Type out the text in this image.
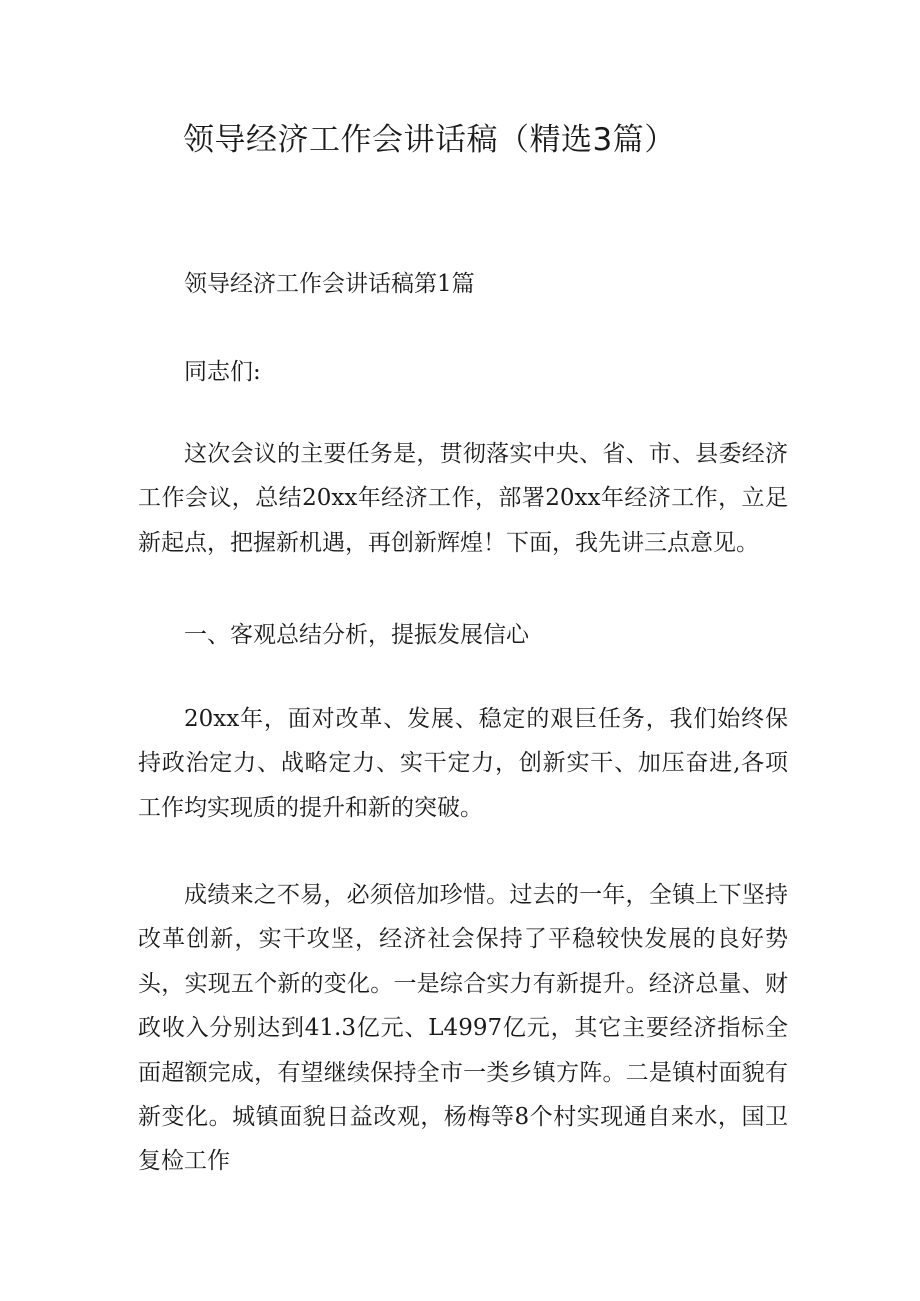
领导经济工作会讲话稿（精选3篇）

领导经济工作会讲话稿第1篇

同志们:

这次会议的主要任务是，贯彻落实中央、省、市、县委经济工作会议，总结20xx年经济工作，部署20xx年经济工作，立足新起点，把握新机遇，再创新辉煌！下面，我先讲三点意见。

一、客观总结分析，提振发展信心

20xx年，面对改革、发展、稳定的艰巨任务，我们始终保持政治定力、战略定力、实干定力，创新实干、加压奋进,各项工作均实现质的提升和新的突破。

成绩来之不易，必须倍加珍惜。过去的一年，全镇上下坚持改革创新，实干攻坚，经济社会保持了平稳较快发展的良好势头，实现五个新的变化。一是综合实力有新提升。经济总量、财政收入分别达到41.3亿元、L4997亿元，其它主要经济指标全面超额完成，有望继续保持全市一类乡镇方阵。二是镇村面貌有新变化。城镇面貌日益改观，杨梅等8个村实现通自来水，国卫复检工作
